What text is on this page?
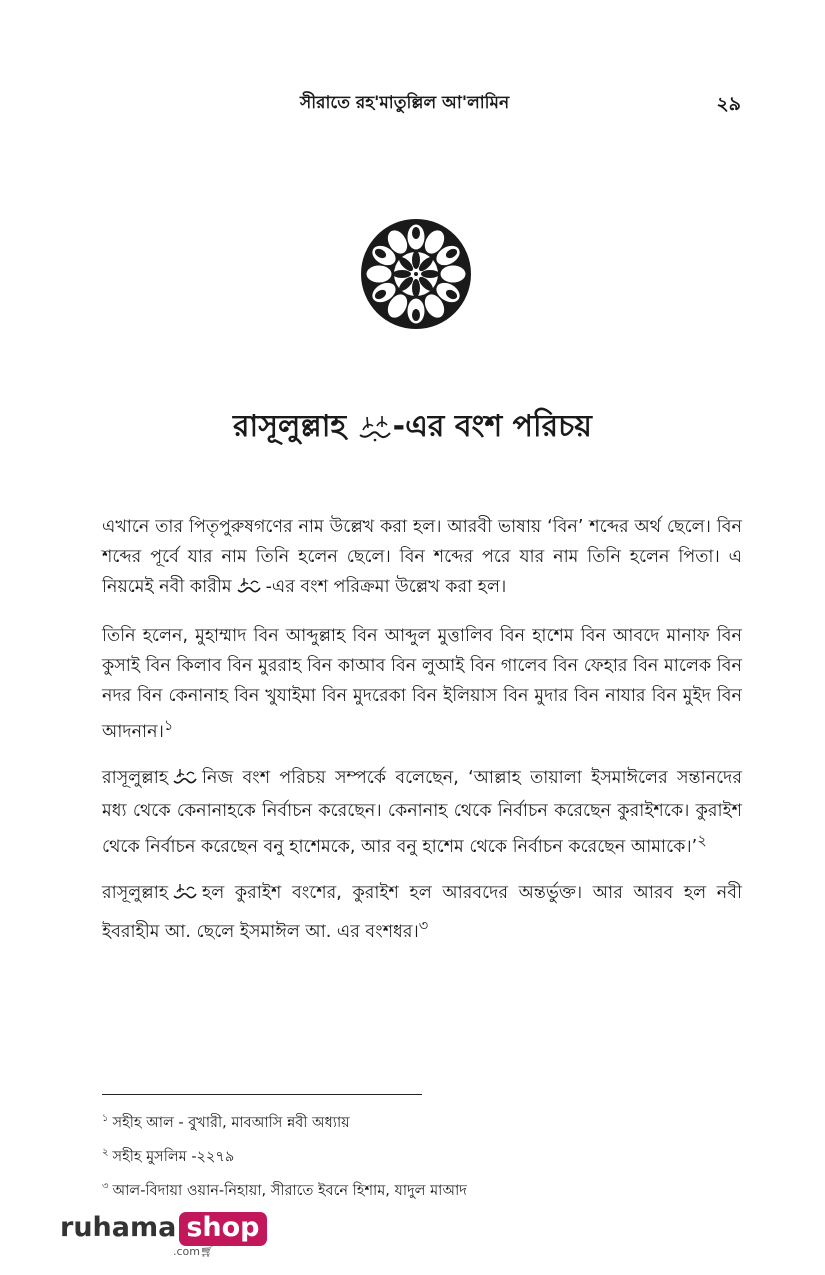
সীরাতে রহ'মাতুল্লিল আ'লামিন	২৯
রাসূলুল্লাহ
-এর বংশ পরিচয়

এখানে তার পিতৃপুরুষগণের নাম উল্লেখ করা হল। আরবী ভাষায় ‘বিন’ শব্দের অর্থ ছেলে। বিন শব্দের পূর্বে যার নাম তিনি হলেন ছেলে। বিন শব্দের পরে যার নাম তিনি হলেন পিতা। এ নিয়মেই নবী কারীম -এর বংশ পরিক্রমা উল্লেখ করা হল।

তিনি হলেন, মুহাম্মাদ বিন আব্দুল্লাহ বিন আব্দুল মুত্তালিব বিন হাশেম বিন আবদে মানাফ বিন কুসাই বিন কিলাব বিন মুররাহ বিন কাআব বিন লুআই বিন গালেব বিন ফেহার বিন মালেক বিন নদর বিন কেনানাহ বিন খুযাইমা বিন মুদরেকা বিন ইলিয়াস বিন মুদার বিন নাযার বিন মুইদ বিন আদনান।$^১$

রাসূলুল্লাহ নিজ বংশ পরিচয় সম্পর্কে বলেছেন, ‘আল্লাহ তায়ালা ইসমাঈলের সন্তানদের মধ্য থেকে কেনানাহকে নির্বাচন করেছেন। কেনানাহ থেকে নির্বাচন করেছেন কুরাইশকে। কুরাইশ থেকে নির্বাচন করেছেন বনু হাশেমকে, আর বনু হাশেম থেকে নির্বাচন করেছেন আমাকে।’$^২$

রাসূলুল্লাহ হল কুরাইশ বংশের, কুরাইশ হল আরবদের অন্তর্ভুক্ত। আর আরব হল নবী ইবরাহীম আ. ছেলে ইসমাঈল আ. এর বংশধর।$^৩$

$^১$ সহীহ আল - বুখারী, মাবআসি ন্নবী অধ্যায়
$^২$ সহীহ মুসলিম -২২৭৯
$^৩$ আল-বিদায়া ওয়ান-নিহায়া, সীরাতে ইবনে হিশাম, যাদুল মাআদ
ruhama shop
.com🛒︎
